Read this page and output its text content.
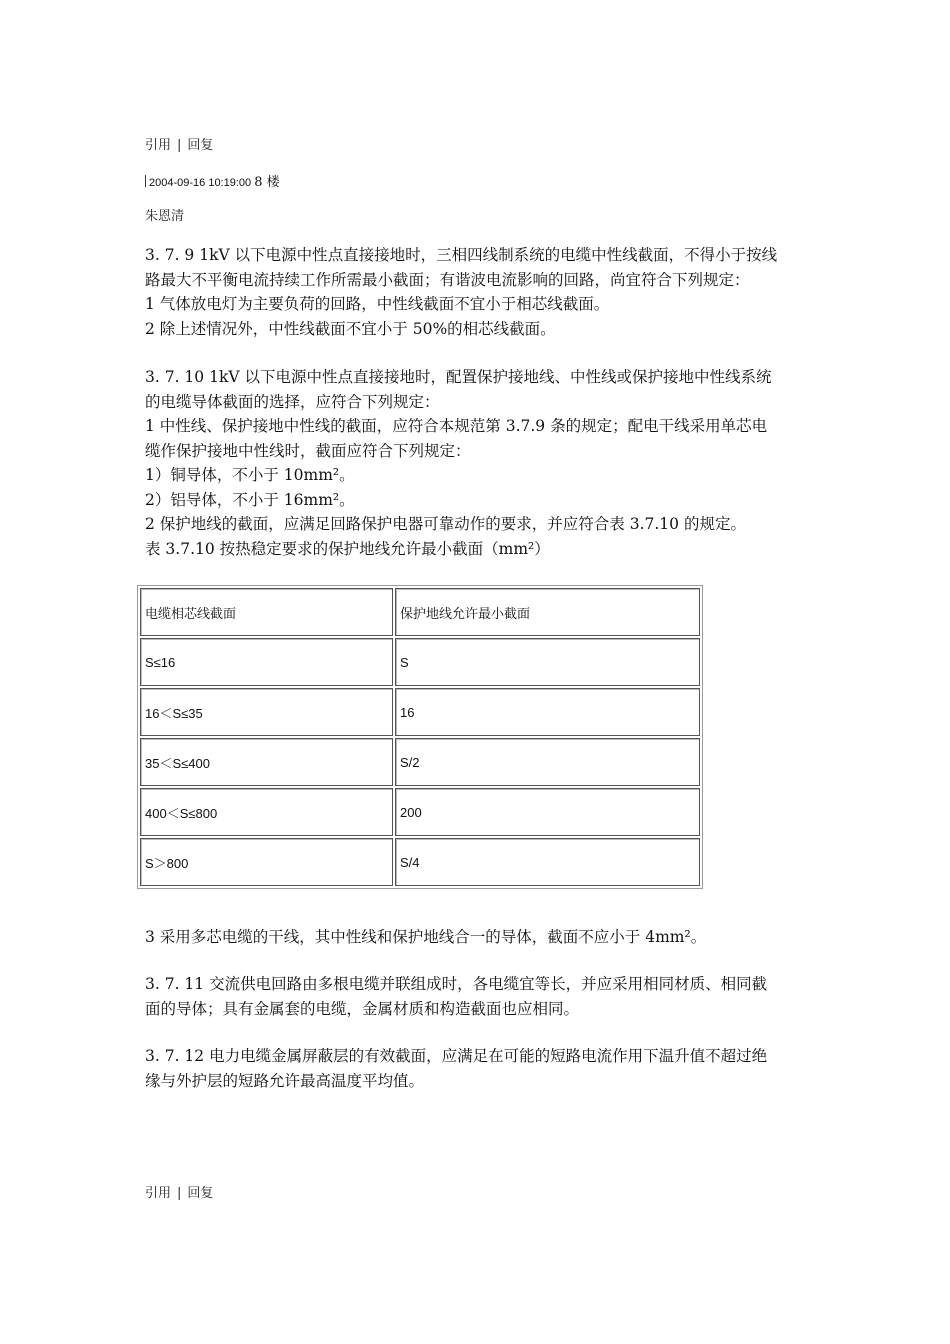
引用 | 回复
2004-09-16 10:19:00 8 楼
朱恩清

3. 7. 9 1kV 以下电源中性点直接接地时，三相四线制系统的电缆中性线截面，不得小于按线

路最大不平衡电流持续工作所需最小截面；有谐波电流影响的回路，尚宜符合下列规定：

1 气体放电灯为主要负荷的回路，中性线截面不宜小于相芯线截面。

2 除上述情况外，中性线截面不宜小于 50%的相芯线截面。

3. 7. 10 1kV 以下电源中性点直接接地时，配置保护接地线、中性线或保护接地中性线系统

的电缆导体截面的选择，应符合下列规定：

1 中性线、保护接地中性线的截面，应符合本规范第 3.7.9 条的规定；配电干线采用单芯电

缆作保护接地中性线时，截面应符合下列规定：

1）铜导体，不小于 10mm²。

2）铝导体，不小于 16mm²。

2 保护地线的截面，应满足回路保护电器可靠动作的要求，并应符合表 3.7.10 的规定。

表 3.7.10 按热稳定要求的保护地线允许最小截面（mm²）

电缆相芯线截面	保护地线允许最小截面
S≤16	S
16＜S≤35	16
35＜S≤400	S/2
400＜S≤800	200
S＞800	S/4

3 采用多芯电缆的干线，其中性线和保护地线合一的导体，截面不应小于 4mm²。

3. 7. 11 交流供电回路由多根电缆并联组成时，各电缆宜等长，并应采用相同材质、相同截

面的导体；具有金属套的电缆，金属材质和构造截面也应相同。

3. 7. 12 电力电缆金属屏蔽层的有效截面，应满足在可能的短路电流作用下温升值不超过绝

缘与外护层的短路允许最高温度平均值。

引用 | 回复
